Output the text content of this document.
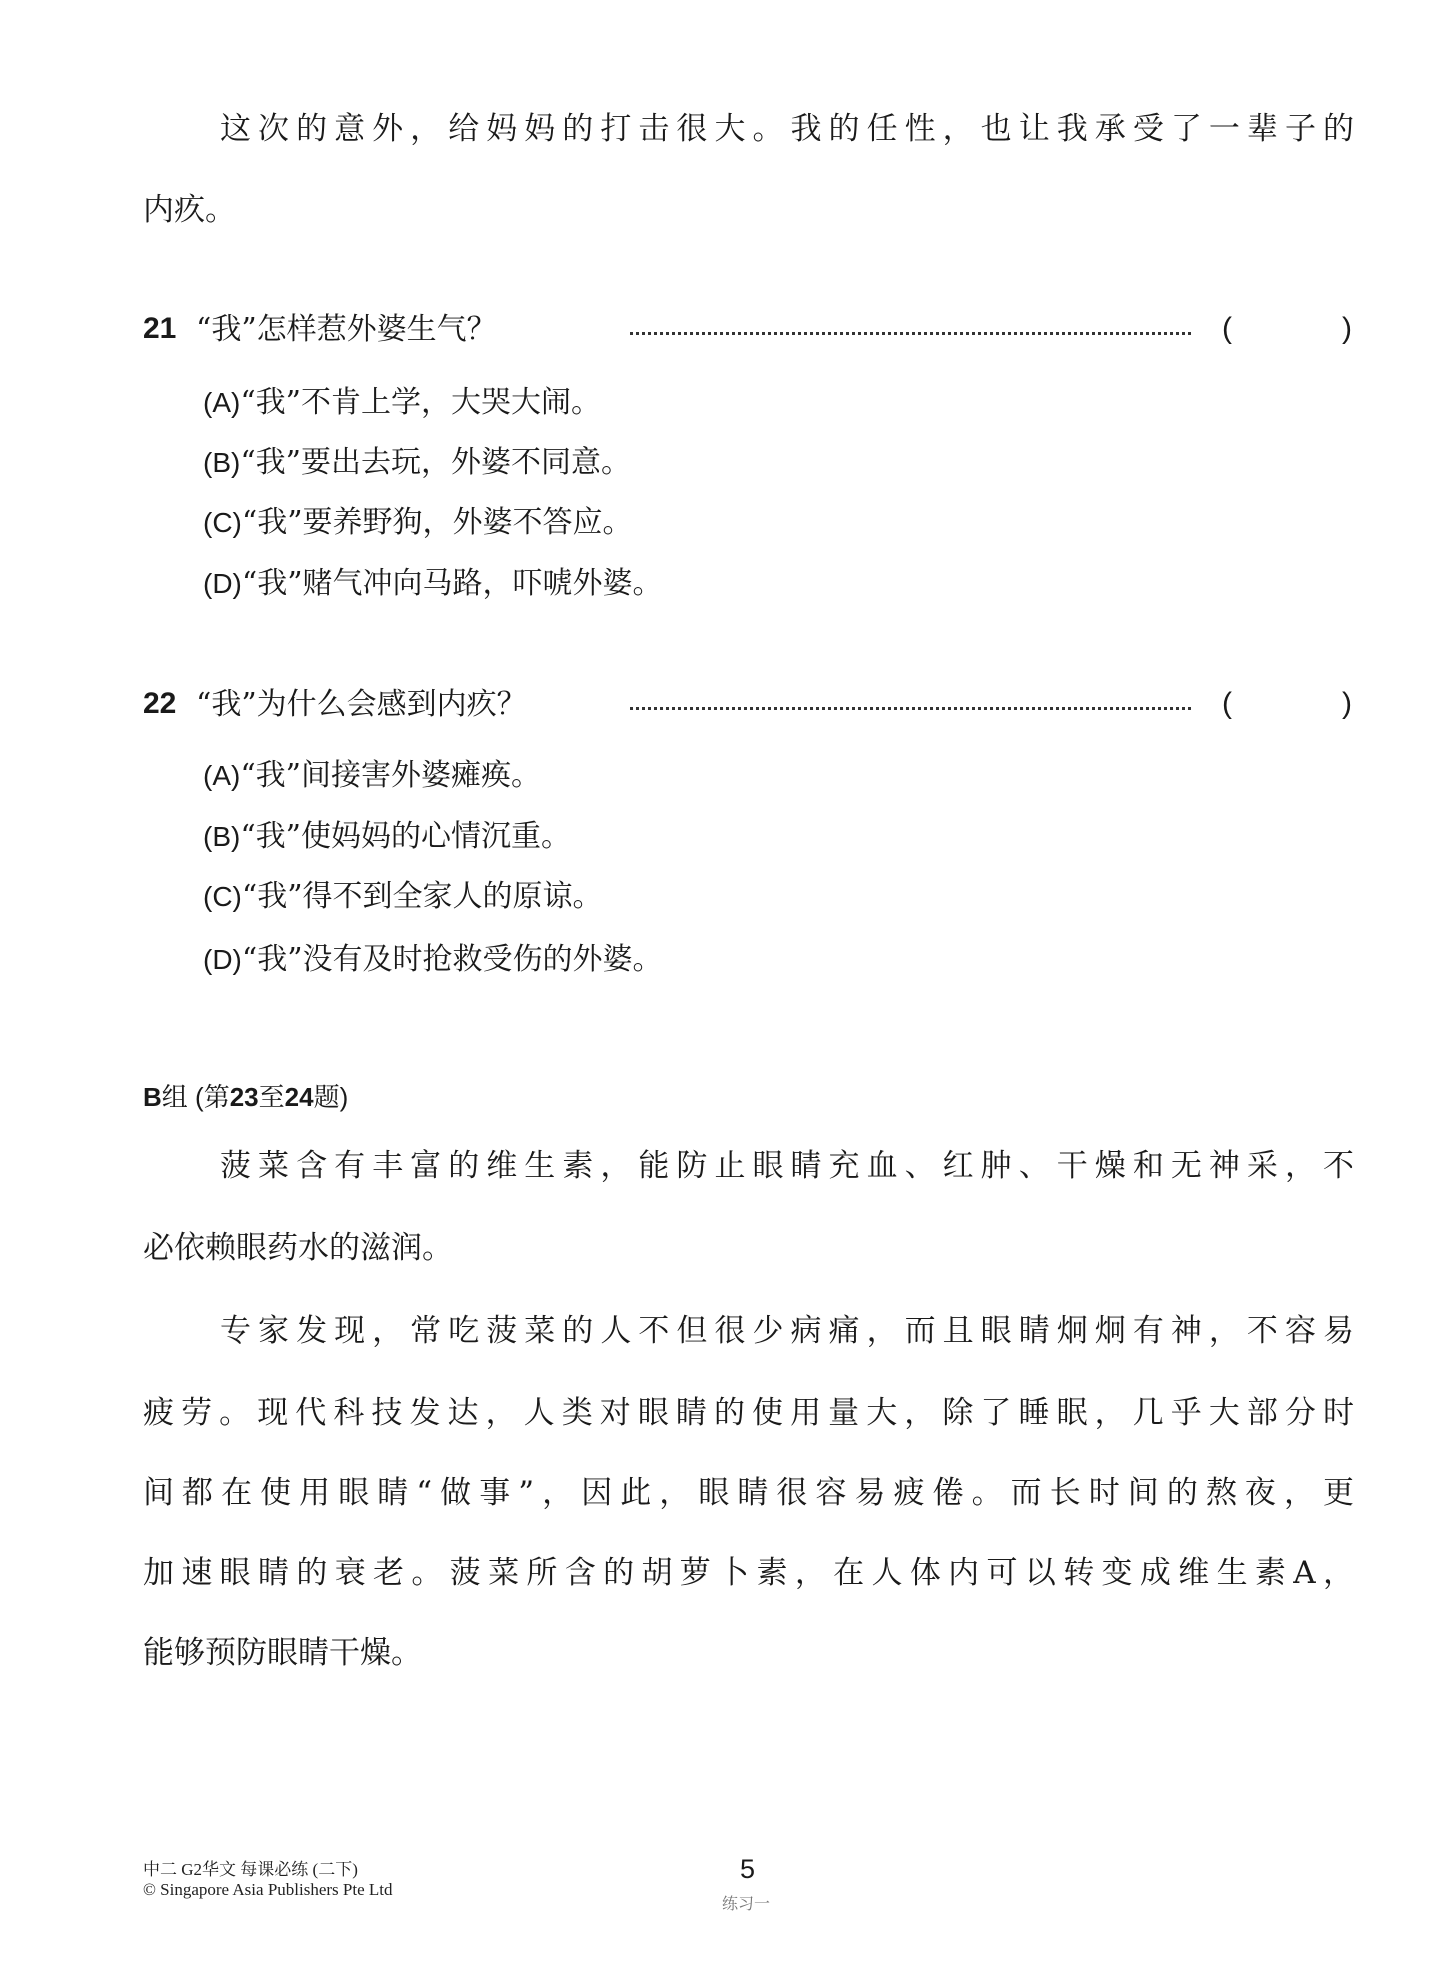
这次的意外，给妈妈的打击很大。我的任性，也让我承受了一辈子的
内疚。
21 “我”怎样惹外婆生气？	(	)
(A)“我”不肯上学，大哭大闹。
(B)“我”要出去玩，外婆不同意。
(C)“我”要养野狗，外婆不答应。
(D)“我”赌气冲向马路，吓唬外婆。
22 “我”为什么会感到内疚？	(	)
(A)“我”间接害外婆瘫痪。
(B)“我”使妈妈的心情沉重。
(C)“我”得不到全家人的原谅。
(D)“我”没有及时抢救受伤的外婆。
B组 (第23至24题)
菠菜含有丰富的维生素，能防止眼睛充血、红肿、干燥和无神采，不
必依赖眼药水的滋润。
专家发现，常吃菠菜的人不但很少病痛，而且眼睛炯炯有神，不容易
疲劳。现代科技发达，人类对眼睛的使用量大，除了睡眠，几乎大部分时
间都在使用眼睛“做事”，因此，眼睛很容易疲倦。而长时间的熬夜，更
加速眼睛的衰老。菠菜所含的胡萝卜素，在人体内可以转变成维生素A，
能够预防眼睛干燥。
中二 G2华文 每课必练 (二下)
© Singapore Asia Publishers Pte Ltd
5
练习一
